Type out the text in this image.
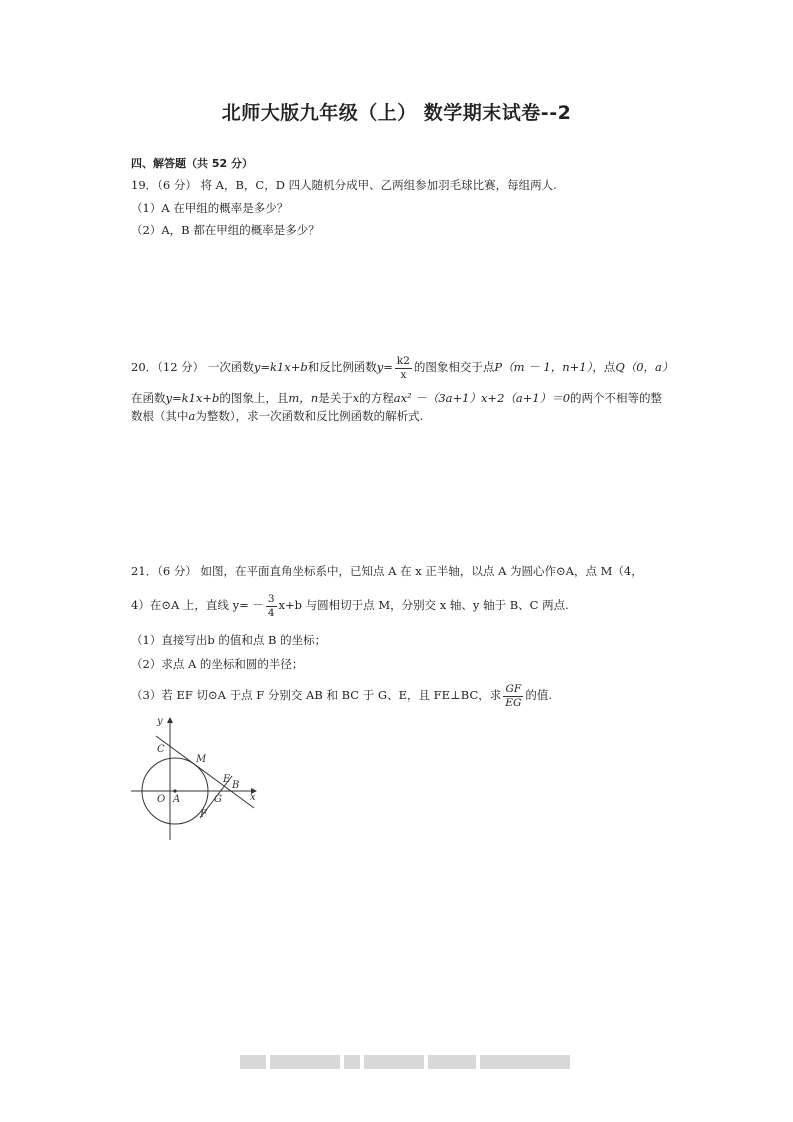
北师大版九年级（上） 数学期末试卷--2
四、解答题（共 52 分）
19．（6 分） 将 A，B，C，D 四人随机分成甲、乙两组参加羽毛球比赛，每组两人.
（1）A 在甲组的概率是多少？
（2）A，B 都在甲组的概率是多少？
20．（12 分） 一次函数y=k1x+b和反比例函数$y= \frac{k2}{x}$ 的图象相交于点P（m － 1，n+1），点Q（0，a）
在函数y=k1x+b的图象上，且m，n是关于x的方程ax² －（3a+1）x+2（a+1）＝0的两个不相等的整
数根（其中a为整数），求一次函数和反比例函数的解析式.
21．（6 分） 如图，在平面直角坐标系中，已知点 A 在 x 正半轴，以点 A 为圆心作⊙A，点 M（4，
4）在⊙A 上，直线 $y= - \frac{3}{4} x+b$ 与圆相切于点 M，分别交 x 轴、y 轴于 B、C 两点.
（1）直接写出b 的值和点 B 的坐标；
（2）求点 A 的坐标和圆的半径；
（3）若 EF 切⊙A 于点 F 分别交 AB 和 BC 于 G、E，且 FE⊥BC，求 $\frac{GF}{EG}$ 的值.
y
x
C
M
E
B
O A	G
F
